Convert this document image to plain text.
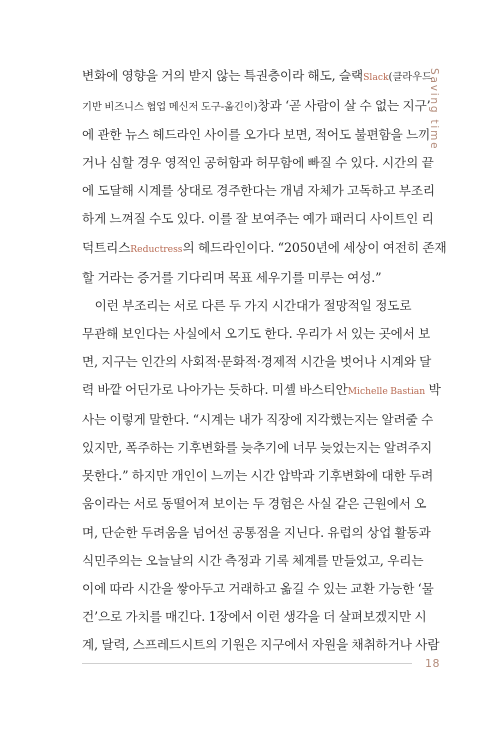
Saving time

변화에 영향을 거의 받지 않는 특권층이라 해도, 슬랙Slack(클라우드
기반 비즈니스 협업 메신저 도구-옮긴이)창과 ‘곧 사람이 살 수 없는 지구’
에 관한 뉴스 헤드라인 사이를 오가다 보면, 적어도 불편함을 느끼
거나 심할 경우 영적인 공허함과 허무함에 빠질 수 있다. 시간의 끝
에 도달해 시계를 상대로 경주한다는 개념 자체가 고독하고 부조리
하게 느껴질 수도 있다. 이를 잘 보여주는 예가 패러디 사이트인 리
덕트리스Reductress의 헤드라인이다. “2050년에 세상이 여전히 존재
할 거라는 증거를 기다리며 목표 세우기를 미루는 여성.”

이런 부조리는 서로 다른 두 가지 시간대가 절망적일 정도로
무관해 보인다는 사실에서 오기도 한다. 우리가 서 있는 곳에서 보
면, 지구는 인간의 사회적·문화적·경제적 시간을 벗어나 시계와 달
력 바깥 어딘가로 나아가는 듯하다. 미셸 바스티안Michelle Bastian 박
사는 이렇게 말한다. “시계는 내가 직장에 지각했는지는 알려줄 수
있지만, 폭주하는 기후변화를 늦추기에 너무 늦었는지는 알려주지
못한다.” 하지만 개인이 느끼는 시간 압박과 기후변화에 대한 두려
움이라는 서로 동떨어져 보이는 두 경험은 사실 같은 근원에서 오
며, 단순한 두려움을 넘어선 공통점을 지닌다. 유럽의 상업 활동과
식민주의는 오늘날의 시간 측정과 기록 체계를 만들었고, 우리는
이에 따라 시간을 쌓아두고 거래하고 옮길 수 있는 교환 가능한 ‘물
건’으로 가치를 매긴다. 1장에서 이런 생각을 더 살펴보겠지만 시
계, 달력, 스프레드시트의 기원은 지구에서 자원을 채취하거나 사람

18
